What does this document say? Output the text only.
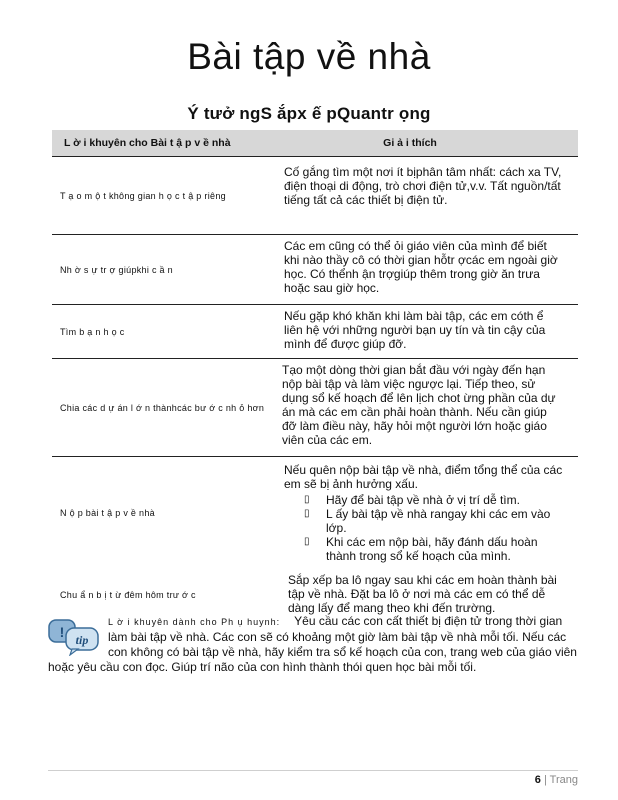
Bài tập về nhà
Ý tưở ngS ắpx ế pQuantr ọng
L ờ i khuyên cho Bài t ậ p v ề nhà	Gi ả i thích
T ạ o m ộ t không gian h ọ c t ậ p riêng

Cố gắng tìm một nơi ít bịphân tâm nhất: cách xa TV, điện thoại di động, trò chơi điện tử,v.v. Tất nguồn/tất tiếng tất cả các thiết bị điện tử.

Nh ờ s ự tr ợ giúpkhi c ầ n

Các em cũng có thể ỏi giáo viên của mình để biết khi nào thầy cô có thời gian hỗtr ợcác em ngoài giờ học. Có thểnh ận trợgiúp thêm trong giờ ăn trưa hoặc sau giờ học.

Tìm b ạ n h ọ c

Nếu gặp khó khăn khi làm bài tập, các em cóth ể liên hệ với những người bạn uy tín và tin cậy của mình để được giúp đỡ.

Chia các d ự án l ớ n thànhcác bư ớ c nh ỏ hơn

Tạo một dòng thời gian bắt đầu với ngày đến hạn nộp bài tập và làm việc ngược lại. Tiếp theo, sử dụng sổ kế hoạch để lên lịch chot ừng phần của dự án mà các em cần phải hoàn thành. Nếu cần giúp đỡ làm điều này, hãy hỏi một người lớn hoặc giáo viên của các em.

N ộ p bài t ậ p v ề nhà

Nếu quên nộp bài tập về nhà, điểm tổng thể của các em sẽ bị ảnh hưởng xấu.

▯ Hãy để bài tập về nhà ở vị trí dễ tìm.
▯ L ấy bài tập về nhà rangay khi các em vào lớp.
▯ Khi các em nộp bài, hãy đánh dấu hoàn thành trong sổ kế hoạch của mình.
Chu ẩ n b ị t ừ đêm hôm trư ớ c

Sắp xếp ba lô ngay sau khi các em hoàn thành bài tập về nhà. Đặt ba lô ở nơi mà các em có thể dễ dàng lấy để mang theo khi đến trường.

! tip
L ờ i khuyên dành cho Ph ụ huynh: Yêu cầu các con cất thiết bị điện tử trong thời gian làm bài tập về nhà. Các con sẽ có khoảng một giờ làm bài tập về nhà mỗi tối. Nếu các con không có bài tập về nhà, hãy kiểm tra sổ kế hoạch của con, trang web của giáo viên hoặc yêu cầu con đọc. Giúp trí não của con hình thành thói quen học bài mỗi tối.
6 | Trang
